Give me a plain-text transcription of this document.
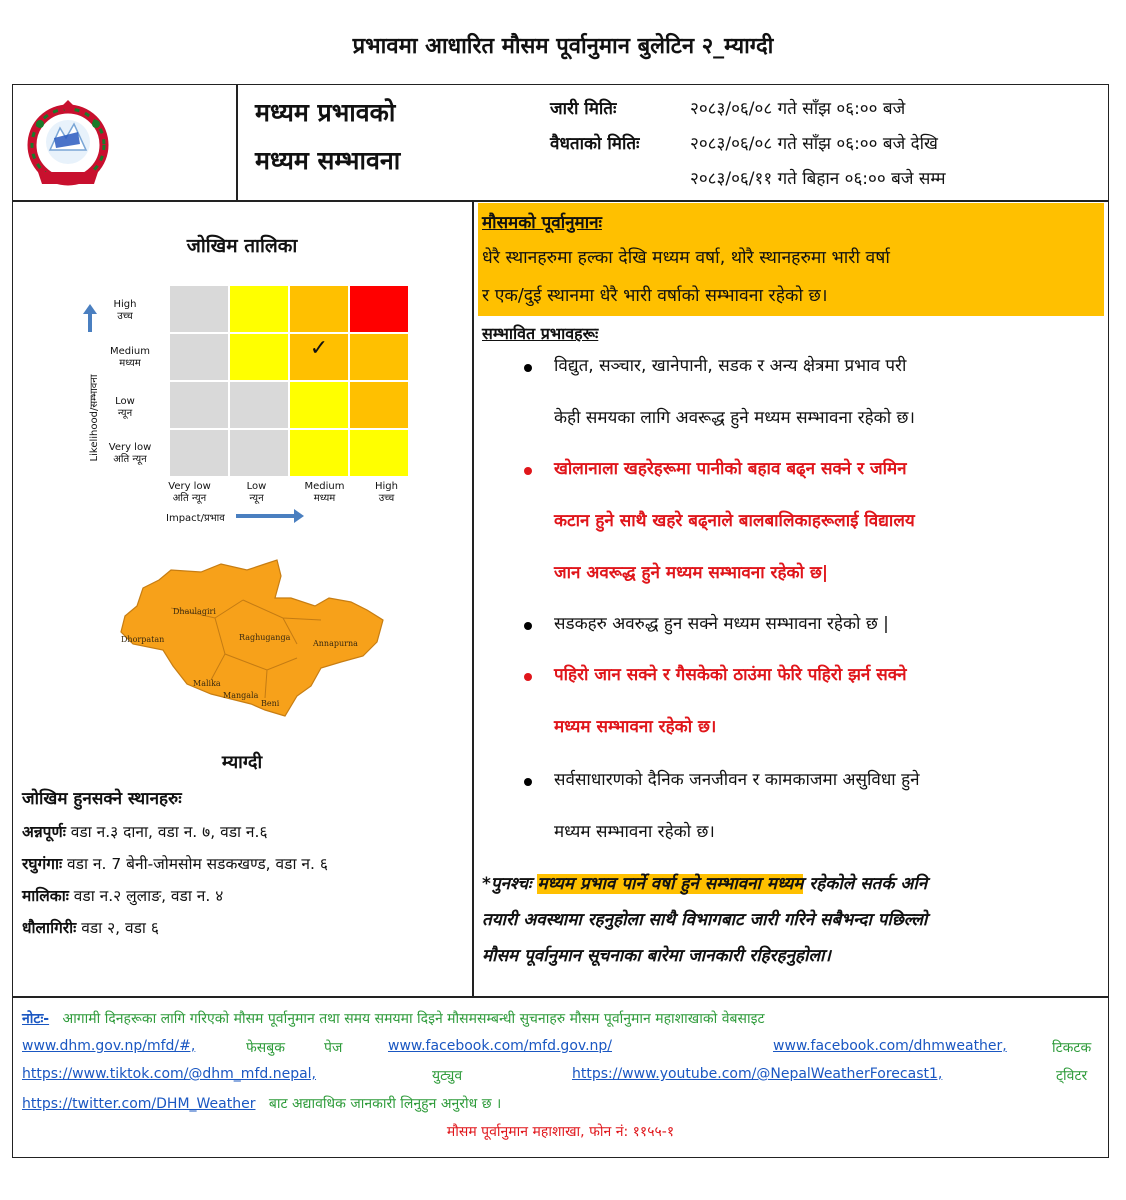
प्रभावमा आधारित मौसम पूर्वानुमान बुलेटिन २_म्याग्दी
मध्यम प्रभावको
मध्यम सम्भावना
जारी मितिः	२०८३/०६/०८ गते साँझ ०६:०० बजे
वैधताको मितिः	२०८३/०६/०८ गते साँझ ०६:०० बजे देखि
२०८३/०६/११ गते बिहान ०६:०० बजे सम्म
जोखिम तालिका
✓
High
उच्च
Medium
मध्यम
Low
न्यून
Very low
अति न्यून
Very low
अति न्यून
Low
न्यून
Medium
मध्यम
High
उच्च
Likelihood/सम्भावना
Impact/प्रभाव
Dhaulagiri
Dhorpatan	Raghuganga
Annapurna
Malika
Mangala
Beni
म्याग्दी
जोखिम हुनसक्ने स्थानहरुः
अन्नपूर्णः वडा न.३ दाना, वडा न. ७, वडा न.६
रघुगंगाः वडा न. 7 बेनी-जोमसोम सडकखण्ड, वडा न. ६
मालिकाः वडा न.२ लुलाङ, वडा न. ४
धौलागिरीः वडा २, वडा ६
मौसमको पूर्वानुमानः
धेरै स्थानहरुमा हल्का देखि मध्यम वर्षा, थोरै स्थानहरुमा भारी वर्षा
र एक/दुई स्थानमा धेरै भारी वर्षाको सम्भावना रहेको छ।
सम्भावित प्रभावहरूः
विद्युत, सञ्चार, खानेपानी, सडक र अन्य क्षेत्रमा प्रभाव परी
केही समयका लागि अवरूद्ध हुने मध्यम सम्भावना रहेको छ।
खोलानाला खहरेहरूमा पानीको बहाव बढ्न सक्ने र जमिन
कटान हुने साथै खहरे बढ्नाले बालबालिकाहरूलाई विद्यालय
जान अवरूद्ध हुने मध्यम सम्भावना रहेको छ|
सडकहरु अवरुद्ध हुन सक्ने मध्यम सम्भावना रहेको छ |
पहिरो जान सक्ने र गैसकेको ठाउंमा फेरि पहिरो झर्न सक्ने
मध्यम सम्भावना रहेको छ।
सर्वसाधारणको दैनिक जनजीवन र कामकाजमा असुविधा हुने
मध्यम सम्भावना रहेको छ।
*पुनश्चः मध्यम प्रभाव पार्ने वर्षा हुने सम्भावना मध्यम रहेकोले सतर्क अनि
तयारी अवस्थामा रहनुहोला साथै विभागबाट जारी गरिने सबैभन्दा पछिल्लो
मौसम पूर्वानुमान सूचनाका बारेमा जानकारी रहिरहनुहोला।
नोटः- आगामी दिनहरूका लागि गरिएको मौसम पूर्वानुमान तथा समय समयमा दिइने मौसमसम्बन्धी सुचनाहरु मौसम पूर्वानुमान महाशाखाको वेबसाइट
www.dhm.gov.np/mfd/#,	फेसबुक	पेज	www.facebook.com/mfd.gov.np/	www.facebook.com/dhmweather,	टिकटक
https://www.tiktok.com/@dhm_mfd.nepal,	युट्युव	https://www.youtube.com/@NepalWeatherForecast1,	ट्विटर
https://twitter.com/DHM_Weather बाट अद्यावधिक जानकारी लिनुहुन अनुरोध छ ।
मौसम पूर्वानुमान महाशाखा, फोन नं: ११५५-१
